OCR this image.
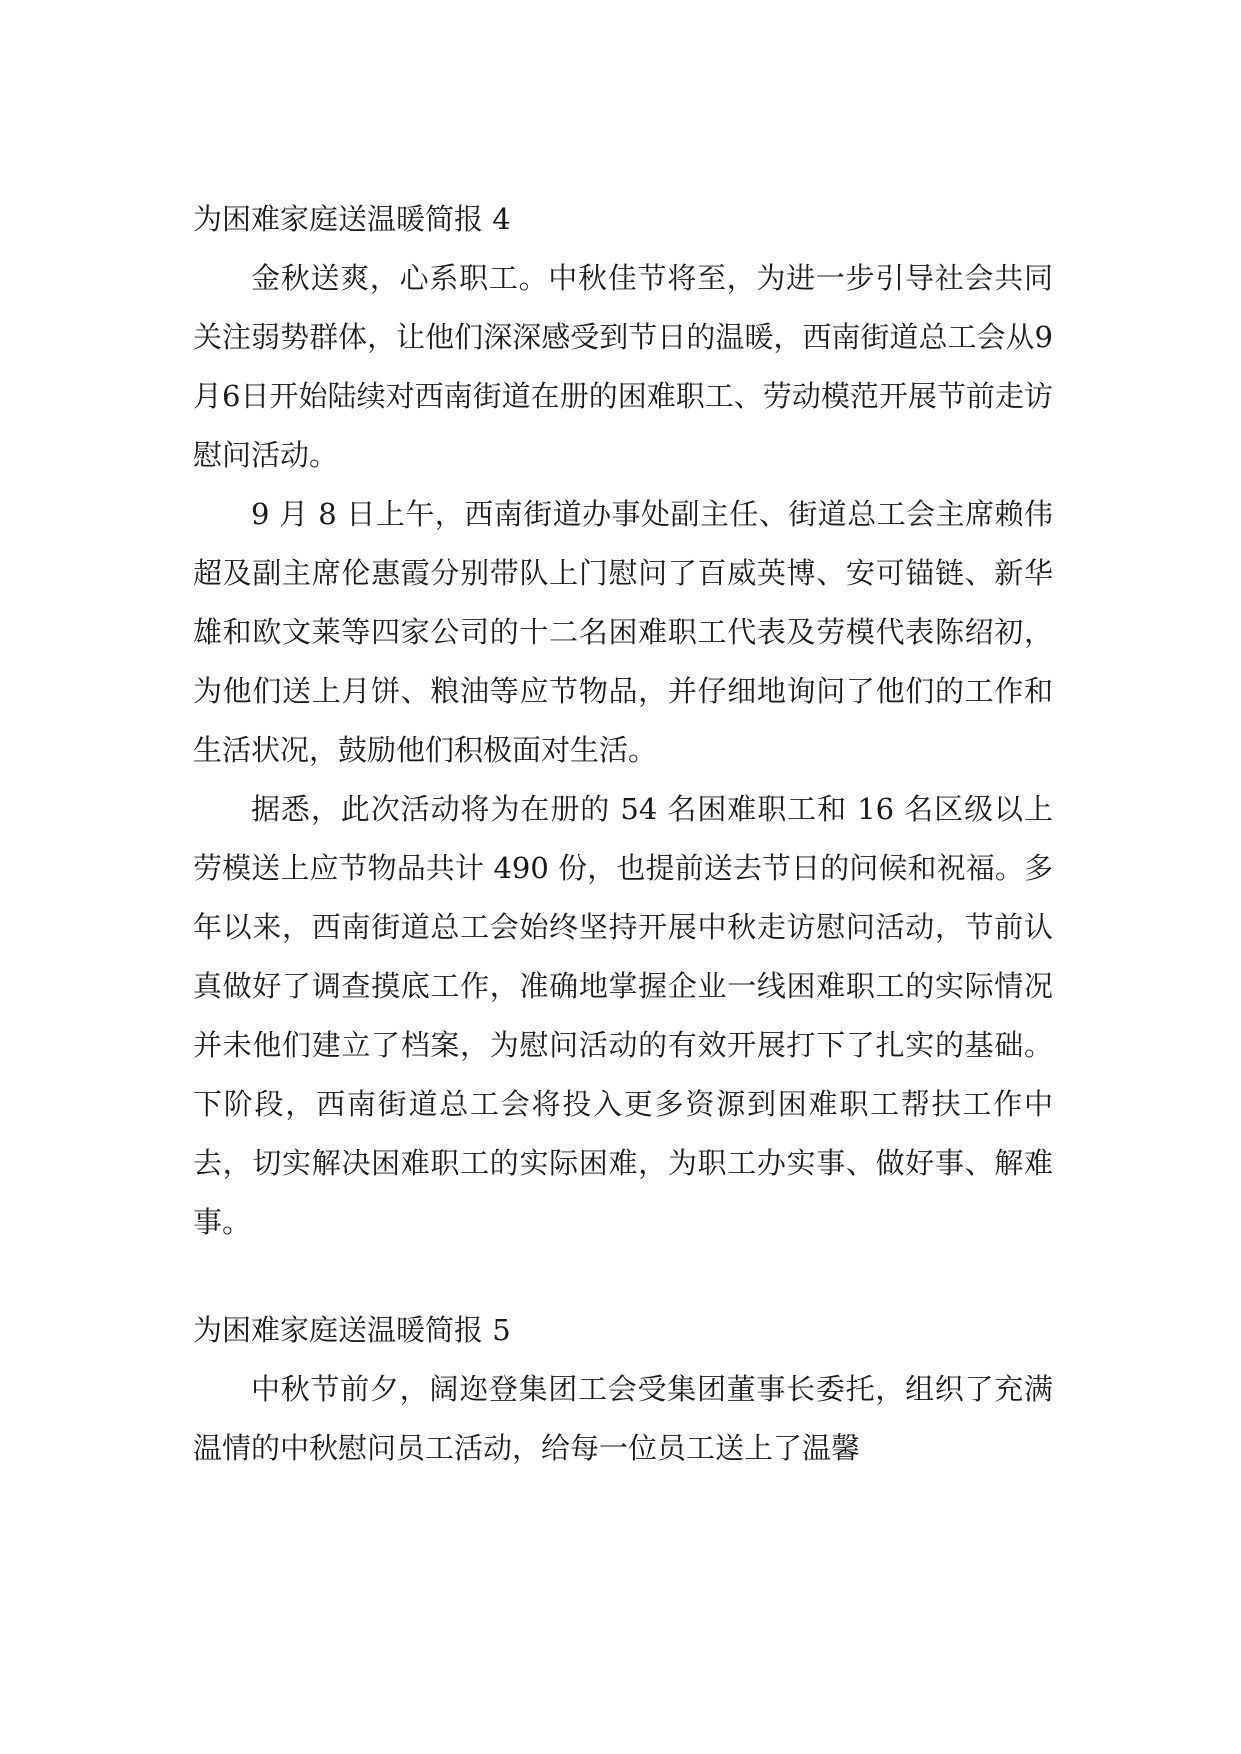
为困难家庭送温暖简报 4

金秋送爽，心系职工。中秋佳节将至，为进一步引导社会共同关注弱势群体，让他们深深感受到节日的温暖，西南街道总工会从9月6日开始陆续对西南街道在册的困难职工、劳动模范开展节前走访慰问活动。

9 月 8 日上午，西南街道办事处副主任、街道总工会主席赖伟超及副主席伦惠霞分别带队上门慰问了百威英博、安可锚链、新华雄和欧文莱等四家公司的十二名困难职工代表及劳模代表陈绍初，为他们送上月饼、粮油等应节物品，并仔细地询问了他们的工作和生活状况，鼓励他们积极面对生活。

据悉，此次活动将为在册的 54 名困难职工和 16 名区级以上劳模送上应节物品共计 490 份，也提前送去节日的问候和祝福。多年以来，西南街道总工会始终坚持开展中秋走访慰问活动，节前认真做好了调查摸底工作，准确地掌握企业一线困难职工的实际情况并未他们建立了档案，为慰问活动的有效开展打下了扎实的基础。下阶段，西南街道总工会将投入更多资源到困难职工帮扶工作中去，切实解决困难职工的实际困难，为职工办实事、做好事、解难事。

为困难家庭送温暖简报 5

中秋节前夕，阔迩登集团工会受集团董事长委托，组织了充满温情的中秋慰问员工活动，给每一位员工送上了温馨
